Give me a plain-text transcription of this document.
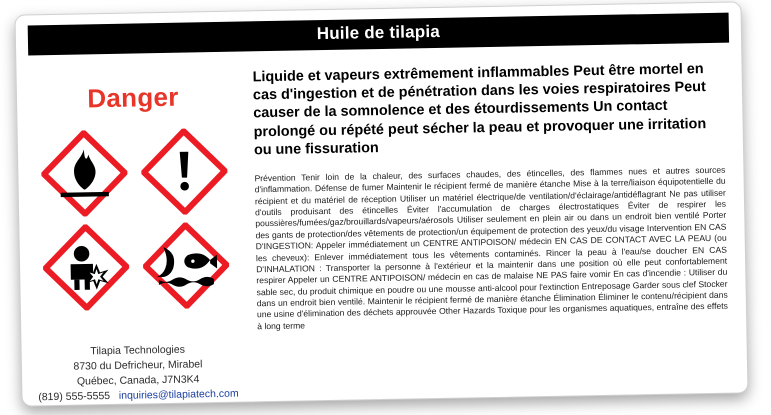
Huile de tilapia
Danger
Tilapia Technologies
8730 du Defricheur, Mirabel
Québec, Canada, J7N3K4
(819) 555-5555 inquiries@tilapiatech.com
Liquide et vapeurs extrêmement inflammables Peut être mortel en cas d'ingestion et de pénétration dans les voies respiratoires Peut causer de la somnolence et des étourdissements Un contact prolongé ou répété peut sécher la peau et provoquer une irritation ou une fissuration
Prévention Tenir loin de la chaleur, des surfaces chaudes, des étincelles, des flammes nues et autres sources d'inflammation. Défense de fumer Maintenir le récipient fermé de manière étanche Mise à la terre/liaison équipotentielle du récipient et du matériel de réception Utiliser un matériel électrique/de ventilation/d'éclairage/antidéflagrant Ne pas utiliser d'outils produisant des étincelles Éviter l'accumulation de charges électrostatiques Éviter de respirer les poussières/fumées/gaz/brouillards/vapeurs/aérosols Utiliser seulement en plein air ou dans un endroit bien ventilé Porter des gants de protection/des vêtements de protection/un équipement de protection des yeux/du visage Intervention EN CAS D'INGESTION: Appeler immédiatement un CENTRE ANTIPOISON/ médecin EN CAS DE CONTACT AVEC LA PEAU (ou les cheveux): Enlever immédiatement tous les vêtements contaminés. Rincer la peau à l'eau/se doucher EN CAS D'INHALATION : Transporter la personne à l'extérieur et la maintenir dans une position où elle peut confortablement respirer Appeler un CENTRE ANTIPOISON/ médecin en cas de malaise NE PAS faire vomir En cas d'incendie : Utiliser du sable sec, du produit chimique en poudre ou une mousse anti-alcool pour l'extinction Entreposage Garder sous clef Stocker dans un endroit bien ventilé. Maintenir le récipient fermé de manière étanche Élimination Éliminer le contenu/récipient dans une usine d'élimination des déchets approuvée Other Hazards Toxique pour les organismes aquatiques, entraîne des effets à long terme
